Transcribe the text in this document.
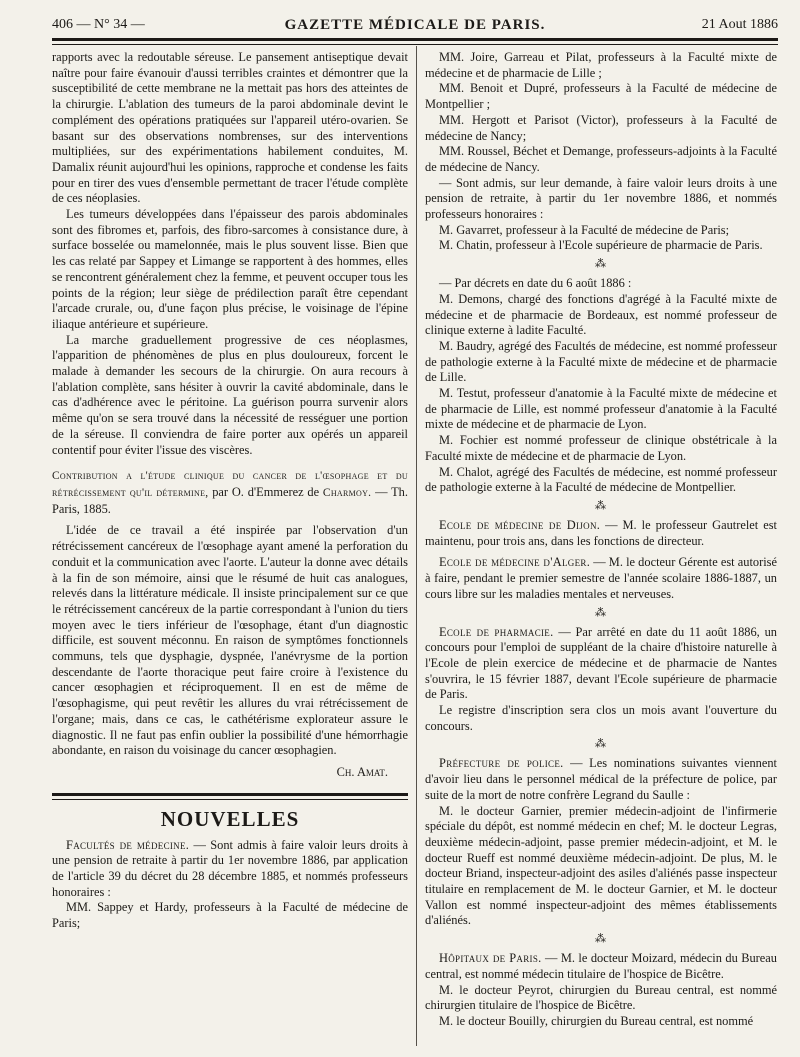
406 — N° 34 —	GAZETTE MÉDICALE DE PARIS.	21 Aout 1886

rapports avec la redoutable séreuse. Le pansement antiseptique devait naître pour faire évanouir d'aussi terribles craintes et démontrer que la susceptibilité de cette membrane ne la mettait pas hors des atteintes de la chirurgie. L'ablation des tumeurs de la paroi abdominale devint le complément des opérations pratiquées sur l'appareil utéro-ovarien. Se basant sur des observations nombrenses, sur des interventions multipliées, sur des expérimentations habilement conduites, M. Damalix réunit aujourd'hui les opinions, rapproche et condense les faits pour en tirer des vues d'ensemble permettant de tracer l'étude complète de ces néoplasies.

Les tumeurs développées dans l'épaisseur des parois abdominales sont des fibromes et, parfois, des fibro-sarcomes à consistance dure, à surface bosselée ou mamelonnée, mais le plus souvent lisse. Bien que les cas relaté par Sappey et Limange se rapportent à des hommes, elles se rencontrent généralement chez la femme, et peuvent occuper tous les points de la région; leur siège de prédilection paraît être cependant l'arcade crurale, ou, d'une façon plus précise, le voisinage de l'épine iliaque antérieure et supérieure.

La marche graduellement progressive de ces néoplasmes, l'apparition de phénomènes de plus en plus douloureux, forcent le malade à demander les secours de la chirurgie. On aura recours à l'ablation complète, sans hésiter à ouvrir la cavité abdominale, dans le cas d'adhérence avec le péritoine. La guérison pourra survenir alors même qu'on se sera trouvé dans la nécessité de rességuer une portion de la séreuse. Il conviendra de faire porter aux opérés un appareil contentif pour éviter l'issue des viscères.

Contribution a l'étude clinique du cancer de l'œsophage et du rétrécissement qu'il détermine, par O. d'Emmerez de Charmoy. — Th. Paris, 1885.

L'idée de ce travail a été inspirée par l'observation d'un rétrécissement cancéreux de l'œsophage ayant amené la perforation du conduit et la communication avec l'aorte. L'auteur la donne avec détails à la fin de son mémoire, ainsi que le résumé de huit cas analogues, relevés dans la littérature médicale. Il insiste principalement sur ce que le rétrécissement cancéreux de la partie correspondant à l'union du tiers moyen avec le tiers inférieur de l'œsophage, étant d'un diagnostic difficile, est souvent méconnu. En raison de symptômes fonctionnels communs, tels que dysphagie, dyspnée, l'anévrysme de la portion descendante de l'aorte thoracique peut faire croire à l'existence du cancer œsophagien et réciproquement. Il en est de même de l'œsophagisme, qui peut revêtir les allures du vrai rétrécissement de l'organe; mais, dans ce cas, le cathétérisme explorateur assure le diagnostic. Il ne faut pas enfin oublier la possibilité d'une hémorrhagie abondante, en raison du voisinage du cancer œsophagien.

Ch. Amat.
NOUVELLES

Facultés de médecine. — Sont admis à faire valoir leurs droits à une pension de retraite à partir du 1er novembre 1886, par application de l'article 39 du décret du 28 décembre 1885, et nommés professeurs honoraires :

MM. Sappey et Hardy, professeurs à la Faculté de médecine de Paris;

MM. Joire, Garreau et Pilat, professeurs à la Faculté mixte de médecine et de pharmacie de Lille ;

MM. Benoit et Dupré, professeurs à la Faculté de médecine de Montpellier ;

MM. Hergott et Parisot (Victor), professeurs à la Faculté de médecine de Nancy;

MM. Roussel, Béchet et Demange, professeurs-adjoints à la Faculté de médecine de Nancy.

— Sont admis, sur leur demande, à faire valoir leurs droits à une pension de retraite, à partir du 1er novembre 1886, et nommés professeurs honoraires :

M. Gavarret, professeur à la Faculté de médecine de Paris;

M. Chatin, professeur à l'Ecole supérieure de pharmacie de Paris.

⁂

— Par décrets en date du 6 août 1886 :

M. Demons, chargé des fonctions d'agrégé à la Faculté mixte de médecine et de pharmacie de Bordeaux, est nommé professeur de clinique externe à ladite Faculté.

M. Baudry, agrégé des Facultés de médecine, est nommé professeur de pathologie externe à la Faculté mixte de médecine et de pharmacie de Lille.

M. Testut, professeur d'anatomie à la Faculté mixte de médecine et de pharmacie de Lille, est nommé professeur d'anatomie à la Faculté mixte de médecine et de pharmacie de Lyon.

M. Fochier est nommé professeur de clinique obstétricale à la Faculté mixte de médecine et de pharmacie de Lyon.

M. Chalot, agrégé des Facultés de médecine, est nommé professeur de pathologie externe à la Faculté de médecine de Montpellier.

⁂

Ecole de médecine de Dijon. — M. le professeur Gautrelet est maintenu, pour trois ans, dans les fonctions de directeur.

Ecole de médecine d'Alger. — M. le docteur Gérente est autorisé à faire, pendant le premier semestre de l'année scolaire 1886-1887, un cours libre sur les maladies mentales et nerveuses.

⁂

Ecole de pharmacie. — Par arrêté en date du 11 août 1886, un concours pour l'emploi de suppléant de la chaire d'histoire naturelle à l'Ecole de plein exercice de médecine et de pharmacie de Nantes s'ouvrira, le 15 février 1887, devant l'Ecole supérieure de pharmacie de Paris.

Le registre d'inscription sera clos un mois avant l'ouverture du concours.

⁂

Préfecture de police. — Les nominations suivantes viennent d'avoir lieu dans le personnel médical de la préfecture de police, par suite de la mort de notre confrère Legrand du Saulle :

M. le docteur Garnier, premier médecin-adjoint de l'infirmerie spéciale du dépôt, est nommé médecin en chef; M. le docteur Legras, deuxième médecin-adjoint, passe premier médecin-adjoint, et M. le docteur Rueff est nommé deuxième médecin-adjoint. De plus, M. le docteur Briand, inspecteur-adjoint des asiles d'aliénés passe inspecteur titulaire en remplacement de M. le docteur Garnier, et M. le docteur Vallon est nommé inspecteur-adjoint des mêmes établissements d'aliénés.

⁂

Hôpitaux de Paris. — M. le docteur Moizard, médecin du Bureau central, est nommé médecin titulaire de l'hospice de Bicêtre.

M. le docteur Peyrot, chirurgien du Bureau central, est nommé chirurgien titulaire de l'hospice de Bicêtre.

M. le docteur Bouilly, chirurgien du Bureau central, est nommé
